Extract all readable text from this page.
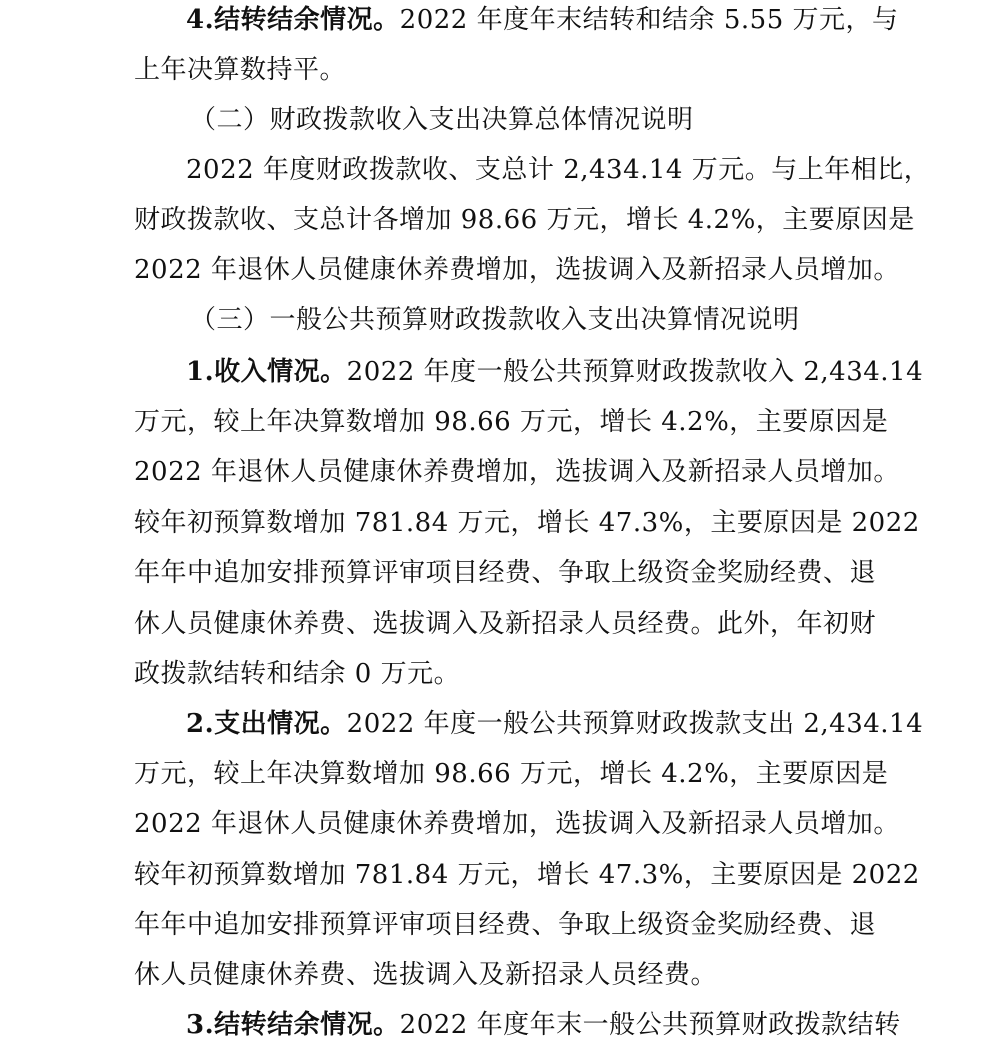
4.结转结余情况。2022 年度年末结转和结余 5.55 万元，与
上年决算数持平。
（二）财政拨款收入支出决算总体情况说明
2022 年度财政拨款收、支总计 2,434.14 万元。与上年相比，
财政拨款收、支总计各增加 98.66 万元，增长 4.2%，主要原因是
2022 年退休人员健康休养费增加，选拔调入及新招录人员增加。
（三）一般公共预算财政拨款收入支出决算情况说明
1.收入情况。2022 年度一般公共预算财政拨款收入 2,434.14
万元，较上年决算数增加 98.66 万元，增长 4.2%，主要原因是
2022 年退休人员健康休养费增加，选拔调入及新招录人员增加。
较年初预算数增加 781.84 万元，增长 47.3%，主要原因是 2022
年年中追加安排预算评审项目经费、争取上级资金奖励经费、退
休人员健康休养费、选拔调入及新招录人员经费。此外，年初财
政拨款结转和结余 0 万元。
2.支出情况。2022 年度一般公共预算财政拨款支出 2,434.14
万元，较上年决算数增加 98.66 万元，增长 4.2%，主要原因是
2022 年退休人员健康休养费增加，选拔调入及新招录人员增加。
较年初预算数增加 781.84 万元，增长 47.3%，主要原因是 2022
年年中追加安排预算评审项目经费、争取上级资金奖励经费、退
休人员健康休养费、选拔调入及新招录人员经费。
3.结转结余情况。2022 年度年末一般公共预算财政拨款结转
